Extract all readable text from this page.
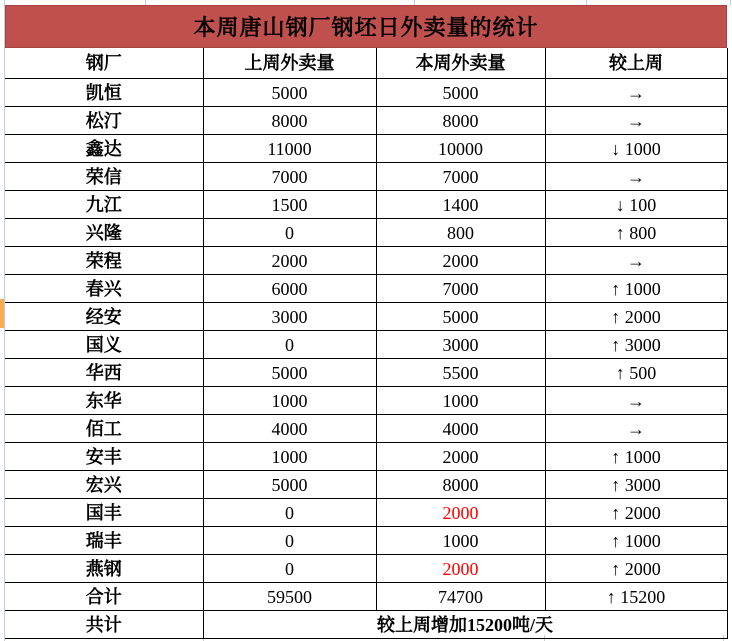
本周唐山钢厂钢坯日外卖量的统计
钢厂	上周外卖量	本周外卖量	较上周
凯恒	5000	5000	→
松汀	8000	8000	→
鑫达	11000	10000	↓ 1000
荣信	7000	7000	→
九江	1500	1400	↓ 100
兴隆	0	800	↑ 800
荣程	2000	2000	→
春兴	6000	7000	↑ 1000
经安	3000	5000	↑ 2000
国义	0	3000	↑ 3000
华西	5000	5500	↑ 500
东华	1000	1000	→
佰工	4000	4000	→
安丰	1000	2000	↑ 1000
宏兴	5000	8000	↑ 3000
国丰	0	2000	↑ 2000
瑞丰	0	1000	↑ 1000
燕钢	0	2000	↑ 2000
合计	59500	74700	↑ 15200
共计	较上周增加15200吨/天		
